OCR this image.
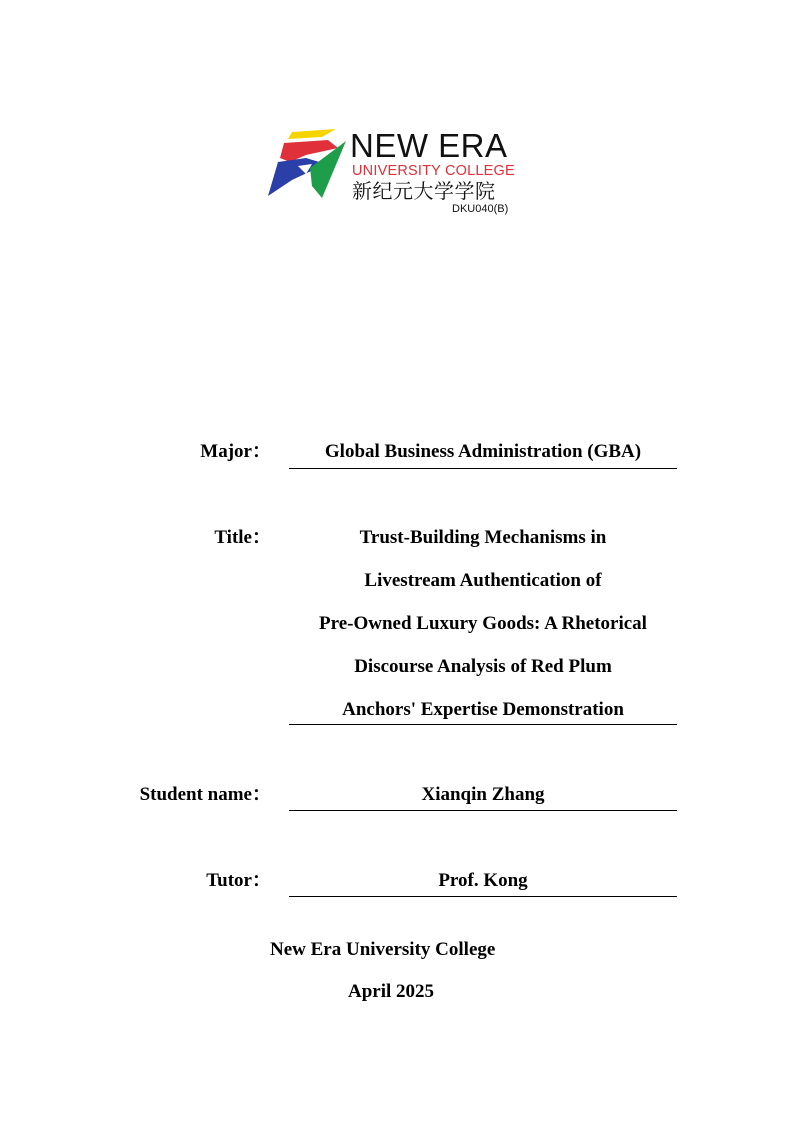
NEW ERA
UNIVERSITY COLLEGE
新纪元大学学院
DKU040(B)
Major：	Global Business Administration (GBA)
Title：	Trust-Building Mechanisms in
Livestream Authentication of
Pre-Owned Luxury Goods: A Rhetorical
Discourse Analysis of Red Plum
Anchors' Expertise Demonstration
Student name：	Xianqin Zhang
Tutor：	Prof. Kong
New Era University College
April 2025
